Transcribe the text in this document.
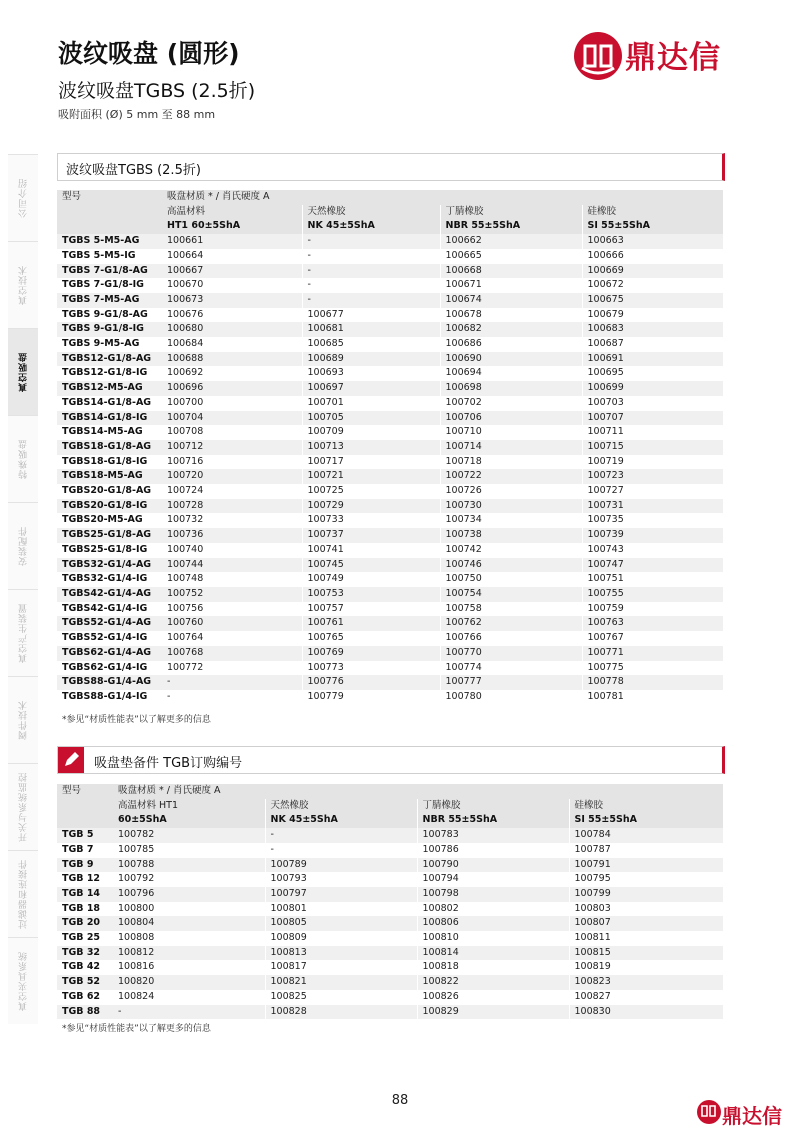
波纹吸盘 (圆形)
波纹吸盘TGBS (2.5折)
吸附面积 (Ø) 5 mm 至 88 mm
鼎达信
公司介绍
真空技术
真空吸盘
特殊吸盘
安装配件
真空产生装置
阀件技术
开关与系统监控
过滤器和连接件
真空夹具系统
波纹吸盘TGBS (2.5折)
型号	吸盘材质 * / 肖氏硬度 A			
	高温材料	天然橡胶	丁腈橡胶	硅橡胶
	HT1 60±5ShA	NK 45±5ShA	NBR 55±5ShA	SI 55±5ShA
TGBS 5-M5-AG	100661	-	100662	100663
TGBS 5-M5-IG	100664	-	100665	100666
TGBS 7-G1/8-AG	100667	-	100668	100669
TGBS 7-G1/8-IG	100670	-	100671	100672
TGBS 7-M5-AG	100673	-	100674	100675
TGBS 9-G1/8-AG	100676	100677	100678	100679
TGBS 9-G1/8-IG	100680	100681	100682	100683
TGBS 9-M5-AG	100684	100685	100686	100687
TGBS12-G1/8-AG	100688	100689	100690	100691
TGBS12-G1/8-IG	100692	100693	100694	100695
TGBS12-M5-AG	100696	100697	100698	100699
TGBS14-G1/8-AG	100700	100701	100702	100703
TGBS14-G1/8-IG	100704	100705	100706	100707
TGBS14-M5-AG	100708	100709	100710	100711
TGBS18-G1/8-AG	100712	100713	100714	100715
TGBS18-G1/8-IG	100716	100717	100718	100719
TGBS18-M5-AG	100720	100721	100722	100723
TGBS20-G1/8-AG	100724	100725	100726	100727
TGBS20-G1/8-IG	100728	100729	100730	100731
TGBS20-M5-AG	100732	100733	100734	100735
TGBS25-G1/8-AG	100736	100737	100738	100739
TGBS25-G1/8-IG	100740	100741	100742	100743
TGBS32-G1/4-AG	100744	100745	100746	100747
TGBS32-G1/4-IG	100748	100749	100750	100751
TGBS42-G1/4-AG	100752	100753	100754	100755
TGBS42-G1/4-IG	100756	100757	100758	100759
TGBS52-G1/4-AG	100760	100761	100762	100763
TGBS52-G1/4-IG	100764	100765	100766	100767
TGBS62-G1/4-AG	100768	100769	100770	100771
TGBS62-G1/4-IG	100772	100773	100774	100775
TGBS88-G1/4-AG	-	100776	100777	100778
TGBS88-G1/4-IG	-	100779	100780	100781
*参见“材质性能表”以了解更多的信息
吸盘垫备件 TGB订购编号
型号	吸盘材质 * / 肖氏硬度 A			
	高温材料 HT1	天然橡胶	丁腈橡胶	硅橡胶
	60±5ShA	NK 45±5ShA	NBR 55±5ShA	SI 55±5ShA
TGB 5	100782	-	100783	100784
TGB 7	100785	-	100786	100787
TGB 9	100788	100789	100790	100791
TGB 12	100792	100793	100794	100795
TGB 14	100796	100797	100798	100799
TGB 18	100800	100801	100802	100803
TGB 20	100804	100805	100806	100807
TGB 25	100808	100809	100810	100811
TGB 32	100812	100813	100814	100815
TGB 42	100816	100817	100818	100819
TGB 52	100820	100821	100822	100823
TGB 62	100824	100825	100826	100827
TGB 88	-	100828	100829	100830
*参见“材质性能表”以了解更多的信息
88
鼎达信
